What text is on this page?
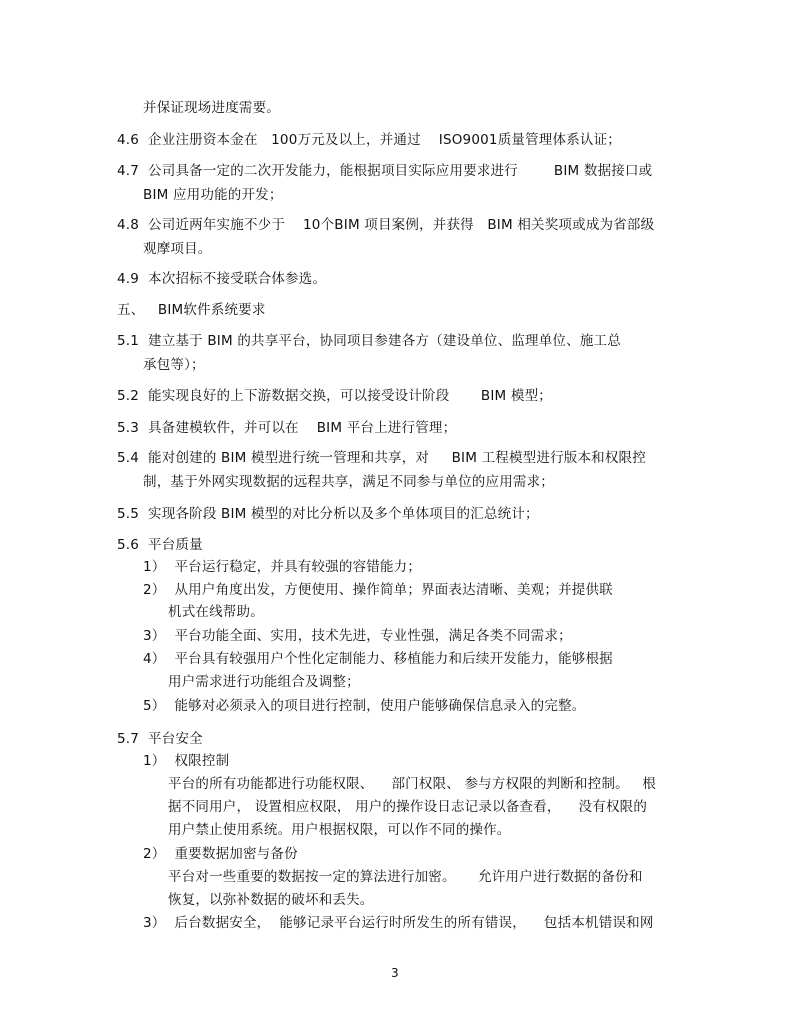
并保证现场进度需要。
4.6  企业注册资本金在   100万元及以上，并通过    ISO9001质量管理体系认证；
4.7  公司具备一定的二次开发能力，能根据项目实际应用要求进行        BIM 数据接口或
BIM 应用功能的开发；
4.8  公司近两年实施不少于    10个BIM 项目案例，并获得   BIM 相关奖项或成为省部级
观摩项目。
4.9  本次招标不接受联合体参选。
五、   BIM软件系统要求
5.1  建立基于 BIM 的共享平台，协同项目参建各方（建设单位、监理单位、施工总
承包等）；
5.2  能实现良好的上下游数据交换，可以接受设计阶段       BIM 模型；
5.3  具备建模软件，并可以在    BIM 平台上进行管理；
5.4  能对创建的 BIM 模型进行统一管理和共享，对     BIM 工程模型进行版本和权限控
制，基于外网实现数据的远程共享，满足不同参与单位的应用需求；
5.5  实现各阶段 BIM 模型的对比分析以及多个单体项目的汇总统计；
5.6  平台质量
1）  平台运行稳定，并具有较强的容错能力；
2）  从用户角度出发，方便使用、操作简单；界面表达清晰、美观；并提供联
机式在线帮助。
3）  平台功能全面、实用，技术先进，专业性强，满足各类不同需求；
4）  平台具有较强用户个性化定制能力、移植能力和后续开发能力，能够根据
用户需求进行功能组合及调整；
5）  能够对必须录入的项目进行控制，使用户能够确保信息录入的完整。
5.7  平台安全
1）  权限控制
平台的所有功能都进行功能权限、    部门权限、 参与方权限的判断和控制。   根
据不同用户， 设置相应权限， 用户的操作设日志记录以备查看，    没有权限的
用户禁止使用系统。用户根据权限，可以作不同的操作。
2）  重要数据加密与备份
平台对一些重要的数据按一定的算法进行加密。     允许用户进行数据的备份和
恢复，以弥补数据的破坏和丢失。
3）  后台数据安全，  能够记录平台运行时所发生的所有错误，    包括本机错误和网
3
